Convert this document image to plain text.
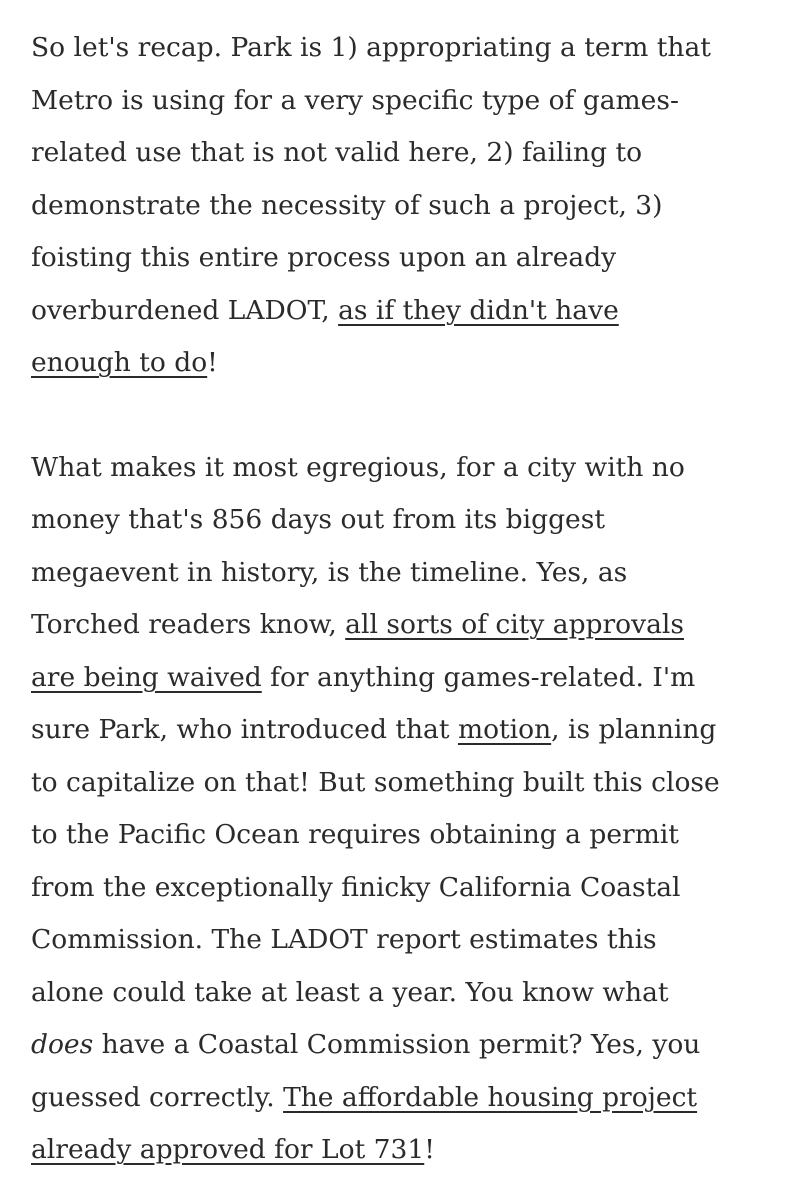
So let's recap. Park is 1) appropriating a term that
Metro is using for a very specific type of games-
related use that is not valid here, 2) failing to
demonstrate the necessity of such a project, 3)
foisting this entire process upon an already
overburdened LADOT, as if they didn't have
enough to do!

What makes it most egregious, for a city with no
money that's 856 days out from its biggest
megaevent in history, is the timeline. Yes, as
Torched readers know, all sorts of city approvals
are being waived for anything games-related. I'm
sure Park, who introduced that motion, is planning
to capitalize on that! But something built this close
to the Pacific Ocean requires obtaining a permit
from the exceptionally finicky California Coastal
Commission. The LADOT report estimates this
alone could take at least a year. You know what
does have a Coastal Commission permit? Yes, you
guessed correctly. The affordable housing project
already approved for Lot 731!
